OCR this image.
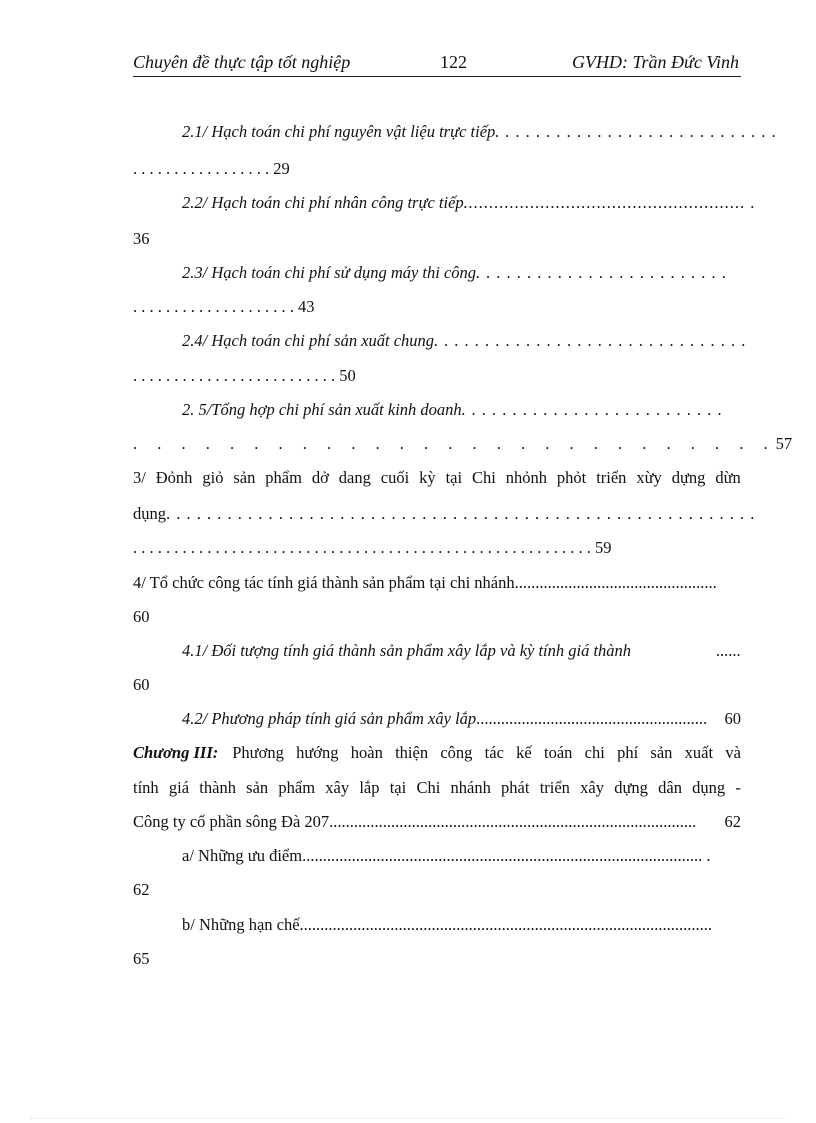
Chuyên đề thực tập tốt nghiệp	122	GVHD: Trần Đức Vinh
2.1/ Hạch toán chi phí nguyên vật liệu trực tiếp . . . . . . . . . . . . . . . . . . . . . . . . . . . .
. . . . . . . . . . . . . . . . . 29
2.2/ Hạch toán chi phí nhân công trực tiếp ....................................................... .
36
2.3/ Hạch toán chi phí sử dụng máy thi công . . . . . . . . . . . . . . . . . . . . . . . . .
. . . . . . . . . . . . . . . . . . . . 43
2.4/ Hạch toán chi phí sản xuất chung . . . . . . . . . . . . . . . . . . . . . . . . . . . . . . .
. . . . . . . . . . . . . . . . . . . . . . . . . 50
2. 5/Tổng hợp chi phí sản xuất kinh doanh . . . . . . . . . . . . . . . . . . . . . . . . . .
. . . . . . . . . . . . . . . . . . . . . . . . . . . 57
3/ Đỏnh giỏ sản phẩm dở dang cuối kỳ tại Chi nhỏnh phỏt triển xừy dựng dừn
dụng . . . . . . . . . . . . . . . . . . . . . . . . . . . . . . . . . . . . . . . . . . . . . . . . . . . . . . . . . .
. . . . . . . . . . . . . . . . . . . . . . . . . . . . . . . . . . . . . . . . . . . . . . . . . . . . . . . . 59
4/ Tổ chức công tác tính giá thành sản phẩm tại chi nhánh .................................................
60
4.1/ Đối tượng tính giá thành sản phẩm xây lắp và kỳ tính giá thành	......
60
4.2/ Phương pháp tính giá sản phẩm xây lắp ........................................................	60
Chương III: Phương hướng hoàn thiện công tác kế toán chi phí sản xuất và
tính giá thành sản phẩm xây lắp tại Chi nhánh phát triển xây dựng dân dụng -
Công ty cổ phần sông Đà 207 .........................................................................................	62
a/ Những ưu điểm ................................................................................................. .
62
b/ Những hạn chế ....................................................................................................
65
